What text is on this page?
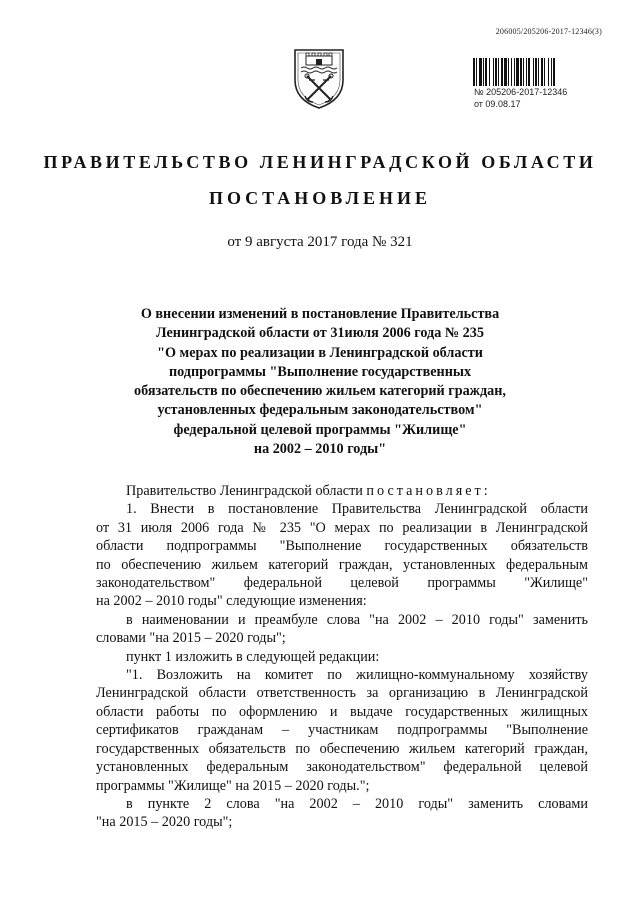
206005/205206-2017-12346(3)
№ 205206-2017-12346
от 09.08.17
ПРАВИТЕЛЬСТВО ЛЕНИНГРАДСКОЙ ОБЛАСТИ
ПОСТАНОВЛЕНИЕ
от 9 августа 2017 года № 321
О внесении изменений в постановление Правительства
Ленинградской области от 31июля 2006 года № 235
"О мерах по реализации в Ленинградской области
подпрограммы "Выполнение государственных
обязательств по обеспечению жильем категорий граждан,
установленных федеральным законодательством"
федеральной целевой программы "Жилище"
на 2002 – 2010 годы"
Правительство Ленинградской области постановляет:
1. Внести в постановление Правительства Ленинградской области
от 31 июля 2006 года № 235 "О мерах по реализации в Ленинградской
области подпрограммы "Выполнение государственных обязательств
по обеспечению жильем категорий граждан, установленных федеральным
законодательством" федеральной целевой программы "Жилище"
на 2002 – 2010 годы" следующие изменения:
в наименовании и преамбуле слова "на 2002 – 2010 годы" заменить
словами "на 2015 – 2020 годы";
пункт 1 изложить в следующей редакции:
"1. Возложить на комитет по жилищно-коммунальному хозяйству
Ленинградской области ответственность за организацию в Ленинградской
области работы по оформлению и выдаче государственных жилищных
сертификатов гражданам – участникам подпрограммы "Выполнение
государственных обязательств по обеспечению жильем категорий граждан,
установленных федеральным законодательством" федеральной целевой
программы "Жилище" на 2015 – 2020 годы.";
в пункте 2 слова "на 2002 – 2010 годы" заменить словами
"на 2015 – 2020 годы";
